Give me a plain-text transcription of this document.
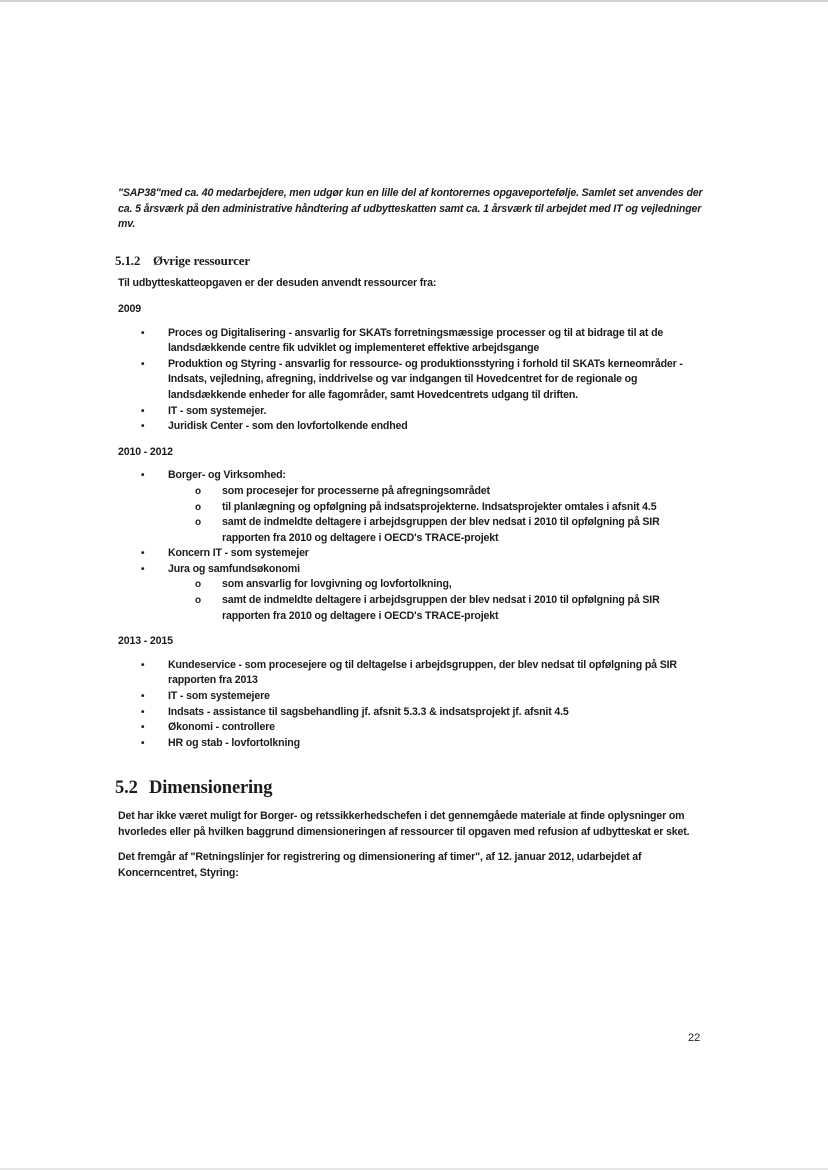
"SAP38"med ca. 40 medarbejdere, men udgør kun en lille del af kontorernes opgaveportefølje. Samlet set anvendes der ca. 5 årsværk på den administrative håndtering af udbytteskatten samt ca. 1 årsværk til arbejdet med IT og vejledninger mv.

5.1.2 Øvrige ressourcer

Til udbytteskatteopgaven er der desuden anvendt ressourcer fra:

2009
• Proces og Digitalisering - ansvarlig for SKATs forretningsmæssige processer og til at bidrage til at de landsdækkende centre fik udviklet og implementeret effektive arbejdsgange
• Produktion og Styring - ansvarlig for ressource- og produktionsstyring i forhold til SKATs kerneområder - Indsats, vejledning, afregning, inddrivelse og var indgangen til Hovedcentret for de regionale og landsdækkende enheder for alle fagområder, samt Hovedcentrets udgang til driften.
• IT - som systemejer.
• Juridisk Center - som den lovfortolkende endhed
2010 - 2012
• Borger- og Virksomhed:
o som procesejer for processerne på afregningsområdet
o til planlægning og opfølgning på indsatsprojekterne. Indsatsprojekter omtales i afsnit 4.5
o samt de indmeldte deltagere i arbejdsgruppen der blev nedsat i 2010 til opfølgning på SIR rapporten fra 2010 og deltagere i OECD's TRACE-projekt
• Koncern IT - som systemejer
• Jura og samfundsøkonomi
o som ansvarlig for lovgivning og lovfortolkning,
o samt de indmeldte deltagere i arbejdsgruppen der blev nedsat i 2010 til opfølgning på SIR rapporten fra 2010 og deltagere i OECD's TRACE-projekt
2013 - 2015
• Kundeservice - som procesejere og til deltagelse i arbejdsgruppen, der blev nedsat til opfølgning på SIR rapporten fra 2013
• IT - som systemejere
• Indsats - assistance til sagsbehandling jf. afsnit 5.3.3 & indsatsprojekt jf. afsnit 4.5
• Økonomi - controllere
• HR og stab - lovfortolkning
5.2 Dimensionering

Det har ikke været muligt for Borger- og retssikkerhedschefen i det gennemgåede materiale at finde oplysninger om hvorledes eller på hvilken baggrund dimensioneringen af ressourcer til opgaven med refusion af udbytteskat er sket.

Det fremgår af "Retningslinjer for registrering og dimensionering af timer", af 12. januar 2012, udarbejdet af Koncerncentret, Styring:

22
